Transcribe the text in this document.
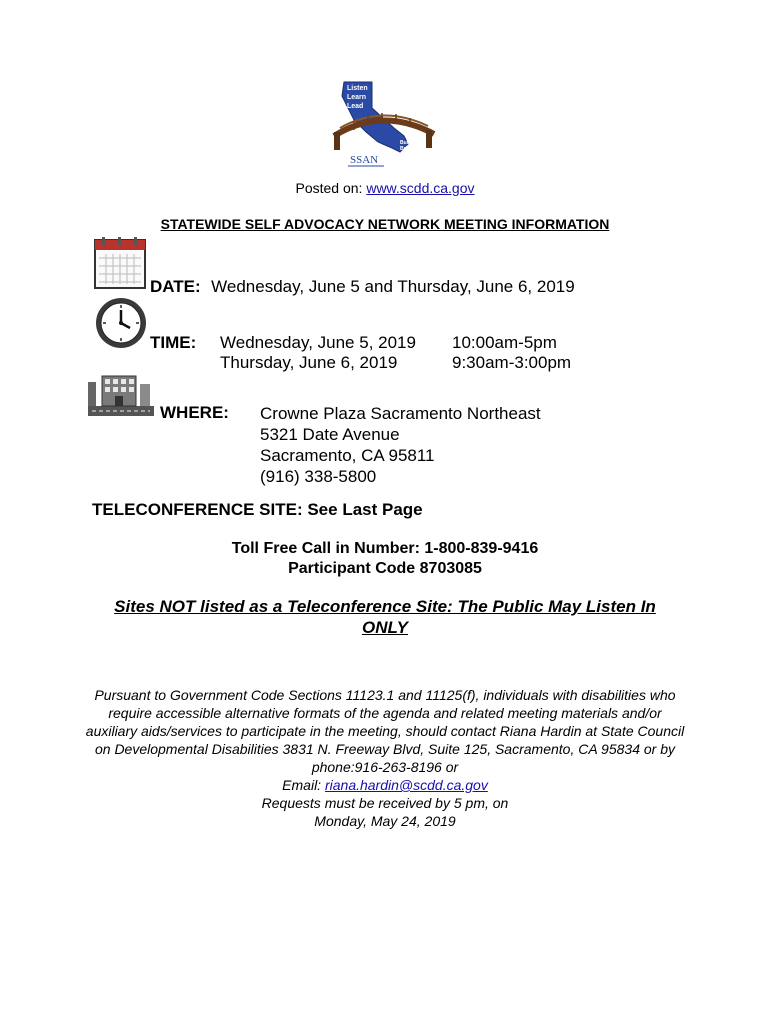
Listen
Learn
Lead
Building
Bridges
SSAN
Posted on: www.scdd.ca.gov
STATEWIDE SELF ADVOCACY NETWORK MEETING INFORMATION
DATE: Wednesday, June 5 and Thursday, June 6, 2019
TIME: Wednesday, June 5, 2019 10:00am-5pm
Thursday, June 6, 2019	9:30am-3:00pm
WHERE: Crowne Plaza Sacramento Northeast
5321 Date Avenue
Sacramento, CA 95811
(916) 338-5800
TELECONFERENCE SITE: See Last Page
Toll Free Call in Number: 1-800-839-9416
Participant Code 8703085
Sites NOT listed as a Teleconference Site: The Public May Listen In ONLY
Pursuant to Government Code Sections 11123.1 and 11125(f), individuals with disabilities who require accessible alternative formats of the agenda and related meeting materials and/or auxiliary aids/services to participate in the meeting, should contact Riana Hardin at State Council on Developmental Disabilities 3831 N. Freeway Blvd, Suite 125, Sacramento, CA 95834 or by phone:916-263-8196 or
Email: riana.hardin@scdd.ca.gov
Requests must be received by 5 pm, on
Monday, May 24, 2019
